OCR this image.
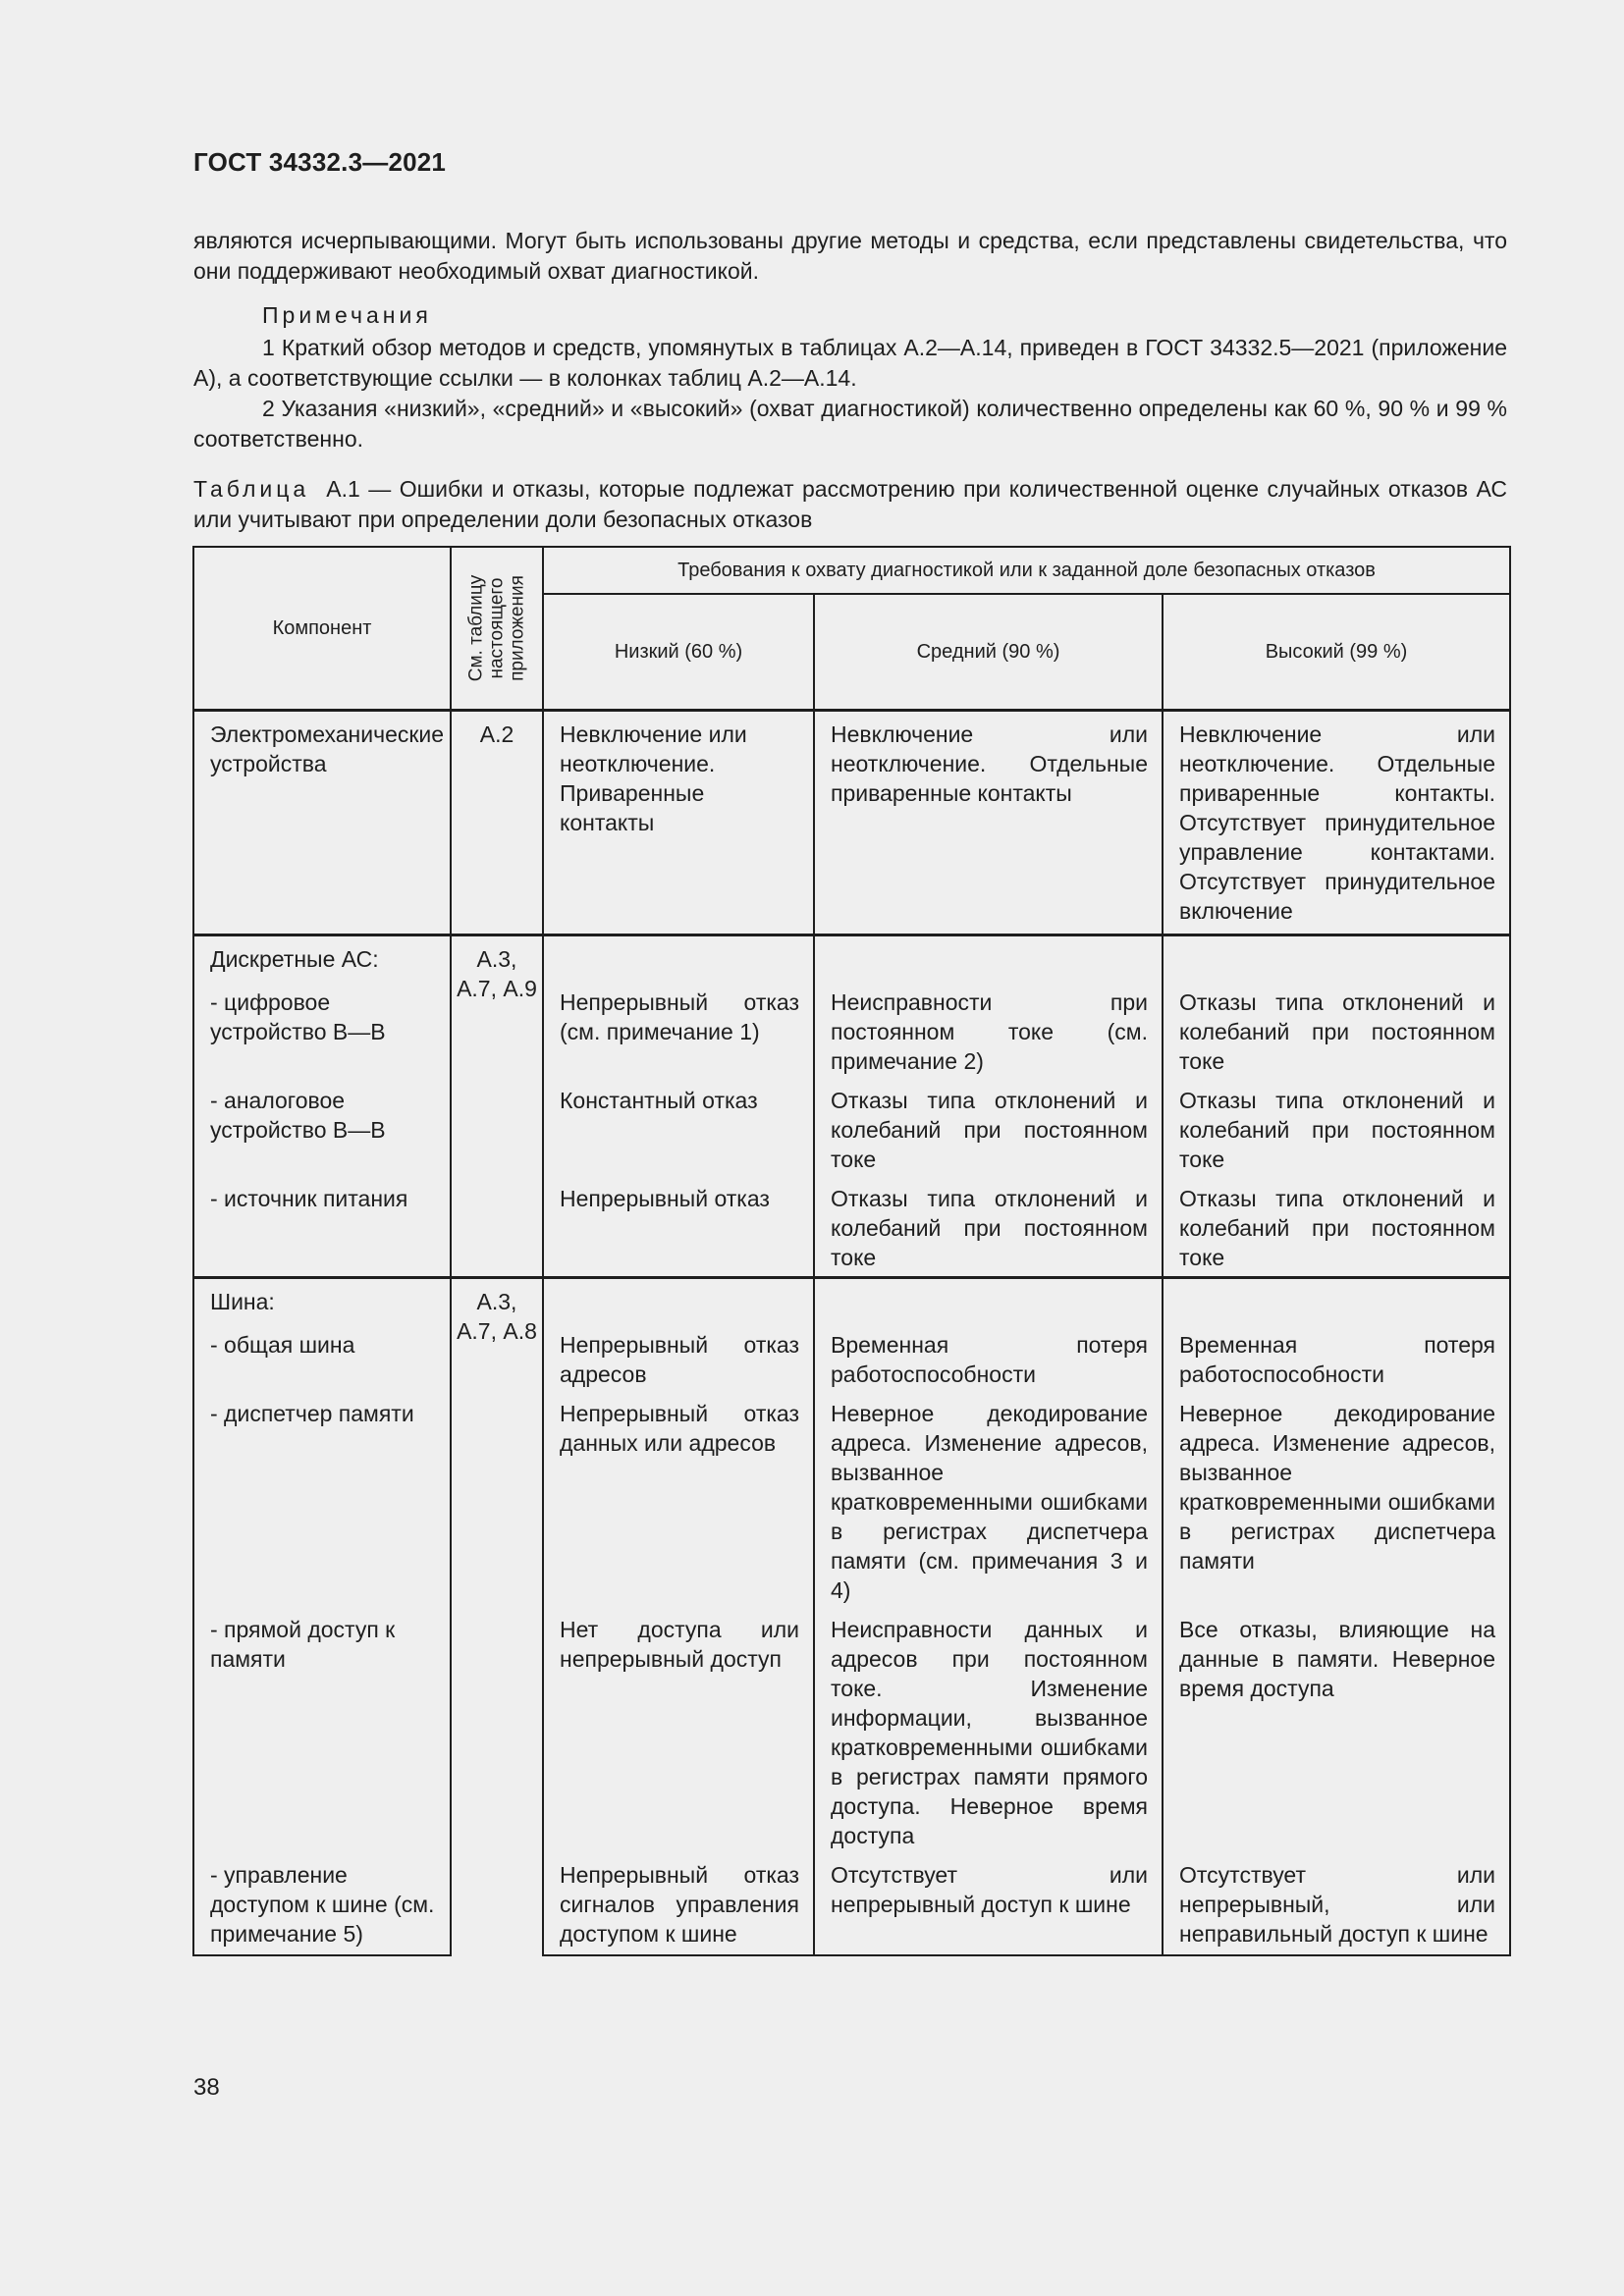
ГОСТ 34332.3—2021
являются исчерпывающими. Могут быть использованы другие методы и средства, если представлены свидетельства, что они поддерживают необходимый охват диагностикой.
Примечания
1 Краткий обзор методов и средств, упомянутых в таблицах А.2—А.14, приведен в ГОСТ 34332.5—2021 (приложение А), а соответствующие ссылки — в колонках таблиц А.2—А.14.
2 Указания «низкий», «средний» и «высокий» (охват диагностикой) количественно определены как 60 %, 90 % и 99 % соответственно.
Таблица А.1 — Ошибки и отказы, которые подлежат рассмотрению при количественной оценке случайных отказов АС или учитывают при определении доли безопасных отказов
Компонент	См. таблицу настоящего приложения	Требования к охвату диагностикой или к заданной доле безопасных отказов		
		Низкий (60 %)	Средний (90 %)	Высокий (99 %)
Электромеханические устройства	А.2	Невключение или неотключение. Приваренные контакты	Невключение или неотключение. Отдельные приваренные контакты	Невключение или неотключение. Отдельные приваренные контакты. Отсутствует принудительное управление контактами. Отсутствует принудительное включение

Дискретные АС:
- цифровое устройство В—В	А.3, А.7, А.9	Непрерывный отказ (см. примечание 1)	Неисправности при постоянном токе (см. примечание 2)	Отказы типа отклонений и колебаний при постоянном токе
- аналоговое устройство В—В		Константный отказ	Отказы типа отклонений и колебаний при постоянном токе	Отказы типа отклонений и колебаний при постоянном токе
- источник питания		Непрерывный отказ	Отказы типа отклонений и колебаний при постоянном токе	Отказы типа отклонений и колебаний при постоянном токе

Шина:
- общая шина	А.3, А.7, А.8	Непрерывный отказ адресов	Временная потеря работоспособности	Временная потеря работоспособности
- диспетчер памяти		Непрерывный отказ данных или адресов	Неверное декодирование адреса. Изменение адресов, вызванное кратковременными ошибками в регистрах диспетчера памяти (см. примечания 3 и 4)	Неверное декодирование адреса. Изменение адресов, вызванное кратковременными ошибками в регистрах диспетчера памяти
- прямой доступ к памяти		Нет доступа или непрерывный доступ	Неисправности данных и адресов при постоянном токе. Изменение информации, вызванное кратковременными ошибками в регистрах памяти прямого доступа. Неверное время доступа	Все отказы, влияющие на данные в памяти. Неверное время доступа
- управление доступом к шине (см. примечание 5)		Непрерывный отказ сигналов управления доступом к шине	Отсутствует или непрерывный доступ к шине	Отсутствует или непрерывный, или неправильный доступ к шине
38
